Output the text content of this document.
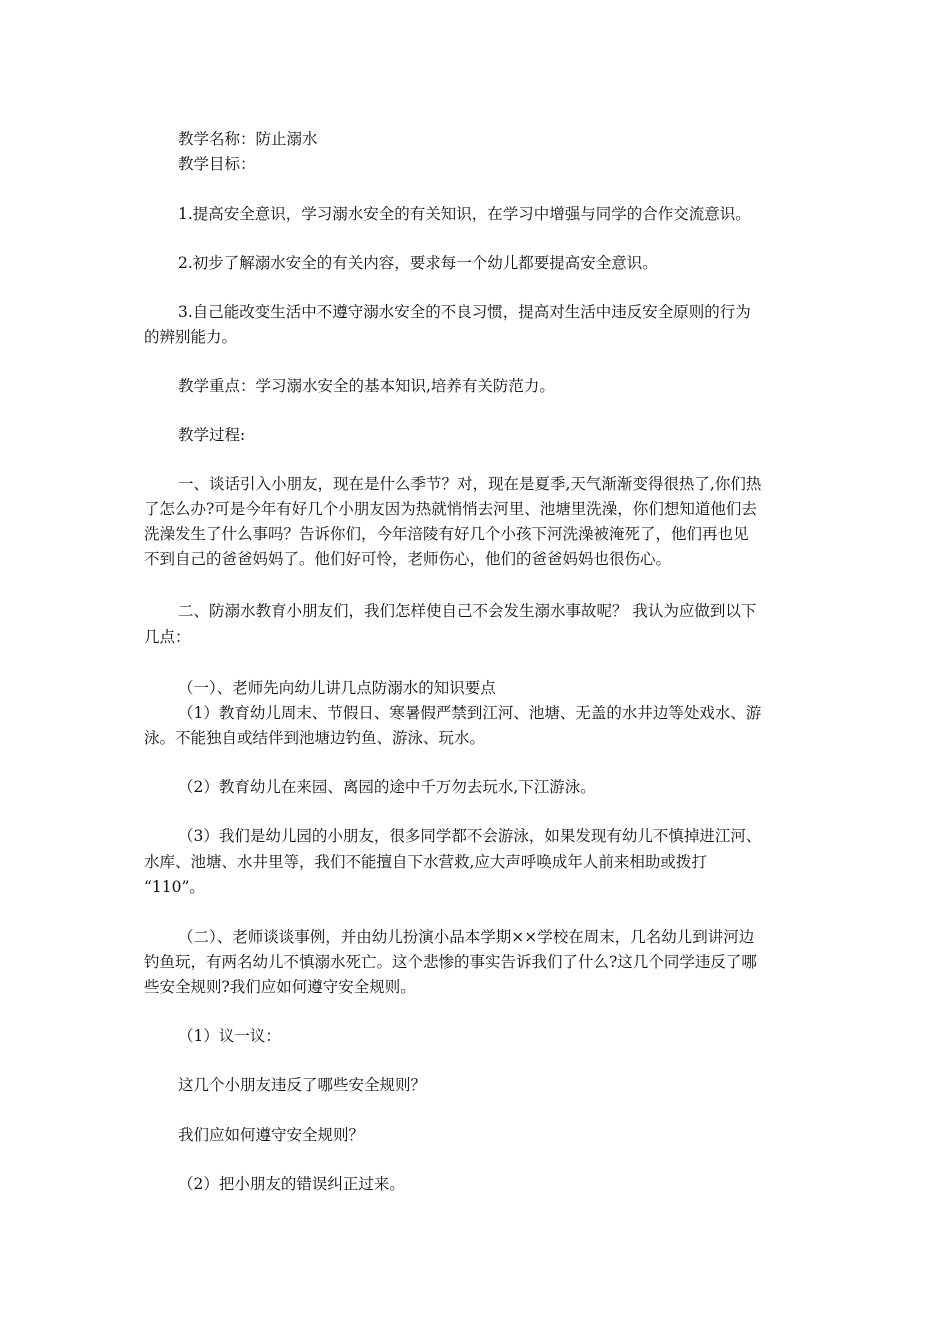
教学名称：防止溺水
教学目标：
1.提高安全意识，学习溺水安全的有关知识，在学习中增强与同学的合作交流意识。
2.初步了解溺水安全的有关内容，要求每一个幼儿都要提高安全意识。
3.自己能改变生活中不遵守溺水安全的不良习惯，提高对生活中违反安全原则的行为
的辨别能力。
教学重点：学习溺水安全的基本知识,培养有关防范力。
教学过程:
一、谈话引入小朋友，现在是什么季节？对，现在是夏季,天气渐渐变得很热了,你们热
了怎么办?可是今年有好几个小朋友因为热就悄悄去河里、池塘里洗澡，你们想知道他们去
洗澡发生了什么事吗？告诉你们，今年涪陵有好几个小孩下河洗澡被淹死了，他们再也见
不到自己的爸爸妈妈了。他们好可怜，老师伤心，他们的爸爸妈妈也很伤心。
二、防溺水教育小朋友们，我们怎样使自己不会发生溺水事故呢？ 我认为应做到以下
几点：
（一）、老师先向幼儿讲几点防溺水的知识要点
（1）教育幼儿周末、节假日、寒暑假严禁到江河、池塘、无盖的水井边等处戏水、游
泳。不能独自或结伴到池塘边钓鱼、游泳、玩水。
（2）教育幼儿在来园、离园的途中千万勿去玩水,下江游泳。
（3）我们是幼儿园的小朋友，很多同学都不会游泳，如果发现有幼儿不慎掉进江河、
水库、池塘、水井里等，我们不能擅自下水营救,应大声呼唤成年人前来相助或拨打
“110”。
（二）、老师谈谈事例，并由幼儿扮演小品本学期××学校在周末，几名幼儿到讲河边
钓鱼玩，有两名幼儿不慎溺水死亡。这个悲惨的事实告诉我们了什么?这几个同学违反了哪
些安全规则?我们应如何遵守安全规则。
（1）议一议：
这几个小朋友违反了哪些安全规则？
我们应如何遵守安全规则？
（2）把小朋友的错误纠正过来。
